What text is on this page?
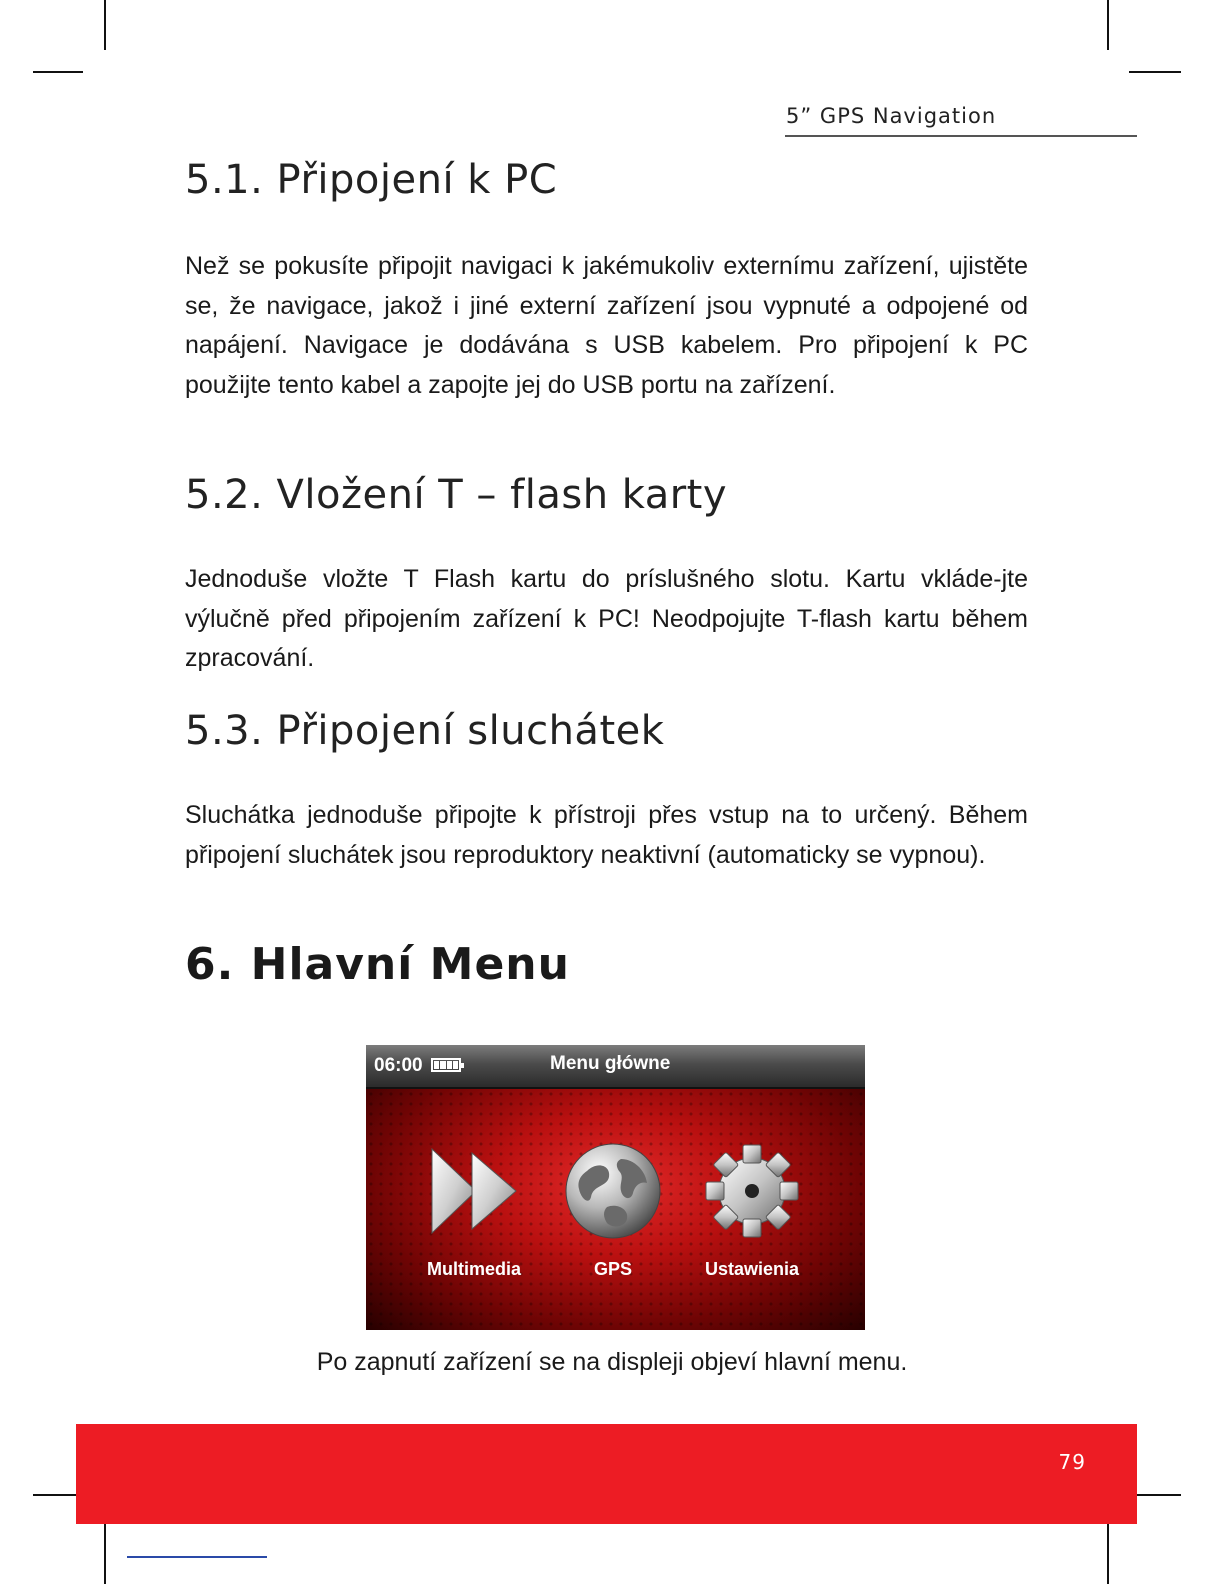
5” GPS Navigation
5.1. Připojení k PC

Než se pokusíte připojit navigaci k jakémukoliv externímu zařízení, ujistěte se, že navigace, jakož i jiné externí zařízení jsou vypnuté a odpojené od napájení. Navigace je dodávána s USB kabelem. Pro připojení k PC použijte tento kabel a zapojte jej do USB portu na zařízení.

5.2. Vložení T – flash karty

Jednoduše vložte T Flash kartu do príslušného slotu. Kartu vkláde-jte výlučně před připojením zařízení k PC! Neodpojujte T-flash kartu během zpracování.

5.3. Připojení sluchátek

Sluchátka jednoduše připojte k přístroji přes vstup na to určený. Během připojení sluchátek jsou reproduktory neaktivní (automaticky se vypnou).

6. Hlavní Menu
06:00	Menu główne
Multimedia	GPS	Ustawienia

Po zapnutí zařízení se na displeji objeví hlavní menu.

79
